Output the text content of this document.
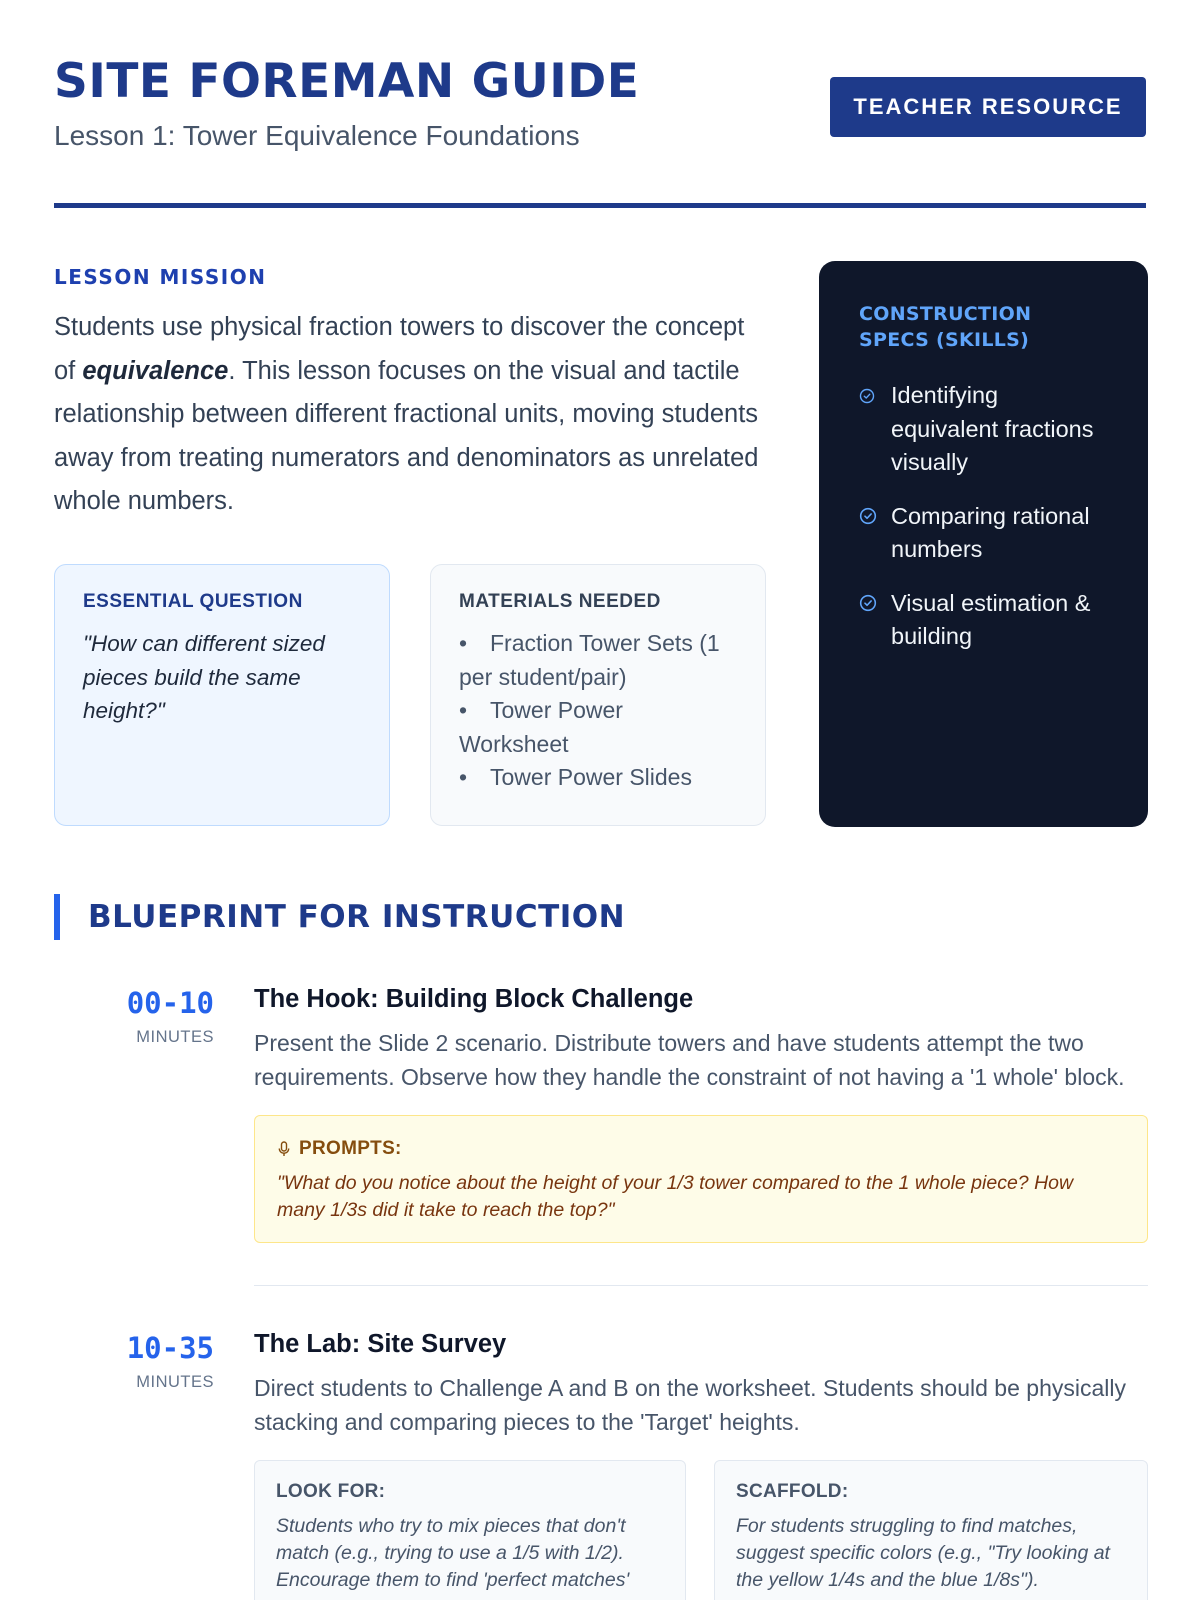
SITE FOREMAN GUIDE
Lesson 1: Tower Equivalence Foundations
TEACHER RESOURCE
LESSON MISSION

Students use physical fraction towers to discover the concept of equivalence. This lesson focuses on the visual and tactile relationship between different fractional units, moving students away from treating numerators and denominators as unrelated whole numbers.

ESSENTIAL QUESTION
"How can different sized pieces build the same height?"
MATERIALS NEEDED
• Fraction Tower Sets (1 per student/pair)
• Tower Power Worksheet
• Tower Power Slides
CONSTRUCTION SPECS (SKILLS)
Identifying equivalent fractions visually
Comparing rational numbers
Visual estimation & building
BLUEPRINT FOR INSTRUCTION
00-10
MINUTES
The Hook: Building Block Challenge
Present the Slide 2 scenario. Distribute towers and have students attempt the two requirements. Observe how they handle the constraint of not having a '1 whole' block.
PROMPTS:
"What do you notice about the height of your 1/3 tower compared to the 1 whole piece? How many 1/3s did it take to reach the top?"
10-35
MINUTES
The Lab: Site Survey
Direct students to Challenge A and B on the worksheet. Students should be physically stacking and comparing pieces to the 'Target' heights.
LOOK FOR:
Students who try to mix pieces that don't match (e.g., trying to use a 1/5 with 1/2). Encourage them to find 'perfect matches'
SCAFFOLD:
For students struggling to find matches, suggest specific colors (e.g., "Try looking at the yellow 1/4s and the blue 1/8s").
